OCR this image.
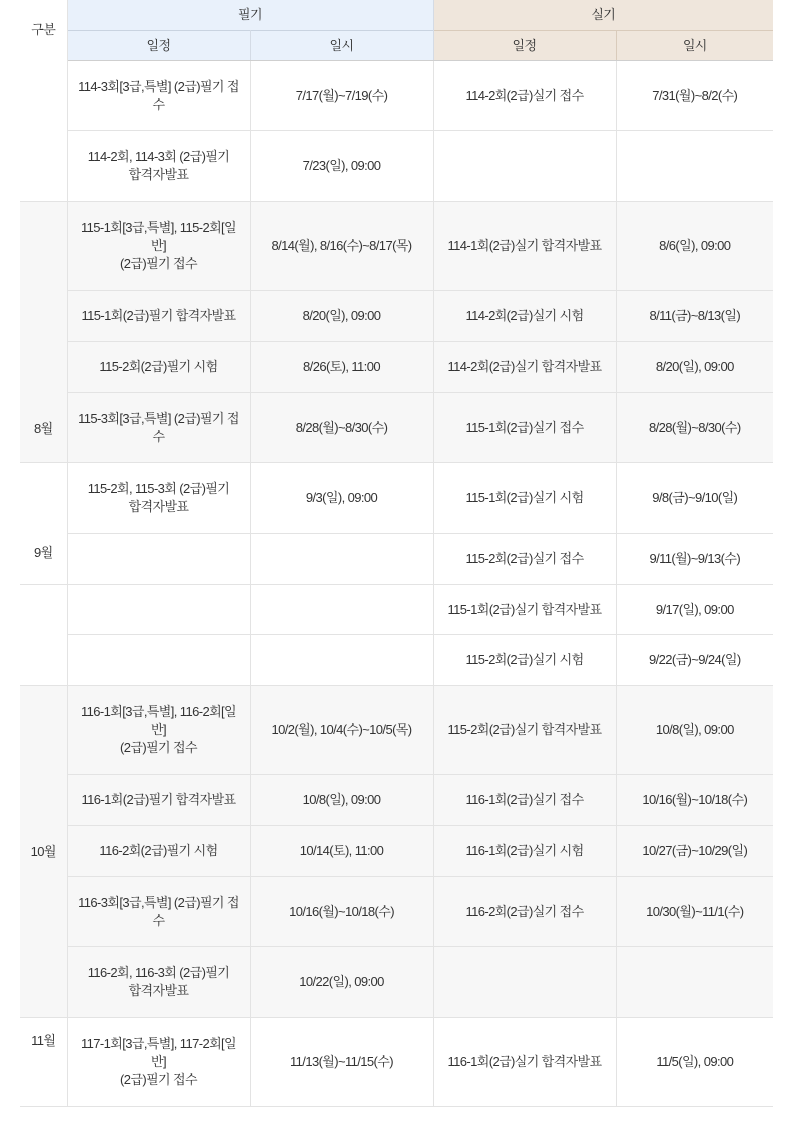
구분	필기		실기	
	일정	일시	일정	일시
	114-3회[3급,특별] (2급)필기 접수	7/17(월)~7/19(수)	114-2회(2급)실기 접수	7/31(월)~8/2(수)
	114-2회, 114-3회 (2급)필기
합격자발표	7/23(일), 09:00		
8월	115-1회[3급,특별], 115-2회[일반]
(2급)필기 접수	8/14(월), 8/16(수)~8/17(목)	114-1회(2급)실기 합격자발표	8/6(일), 09:00
	115-1회(2급)필기 합격자발표	8/20(일), 09:00	114-2회(2급)실기 시험	8/11(금)~8/13(일)
	115-2회(2급)필기 시험	8/26(토), 11:00	114-2회(2급)실기 합격자발표	8/20(일), 09:00
	115-3회[3급,특별] (2급)필기 접수	8/28(월)~8/30(수)	115-1회(2급)실기 접수	8/28(월)~8/30(수)
9월	115-2회, 115-3회 (2급)필기
합격자발표	9/3(일), 09:00	115-1회(2급)실기 시험	9/8(금)~9/10(일)
			115-2회(2급)실기 접수	9/11(월)~9/13(수)
			115-1회(2급)실기 합격자발표	9/17(일), 09:00
			115-2회(2급)실기 시험	9/22(금)~9/24(일)
10월	116-1회[3급,특별], 116-2회[일반]
(2급)필기 접수	10/2(월), 10/4(수)~10/5(목)	115-2회(2급)실기 합격자발표	10/8(일), 09:00
	116-1회(2급)필기 합격자발표	10/8(일), 09:00	116-1회(2급)실기 접수	10/16(월)~10/18(수)
	116-2회(2급)필기 시험	10/14(토), 11:00	116-1회(2급)실기 시험	10/27(금)~10/29(일)
	116-3회[3급,특별] (2급)필기 접수	10/16(월)~10/18(수)	116-2회(2급)실기 접수	10/30(월)~11/1(수)
	116-2회, 116-3회 (2급)필기
합격자발표	10/22(일), 09:00		
11월	117-1회[3급,특별], 117-2회[일반]
(2급)필기 접수	11/13(월)~11/15(수)	116-1회(2급)실기 합격자발표	11/5(일), 09:00
